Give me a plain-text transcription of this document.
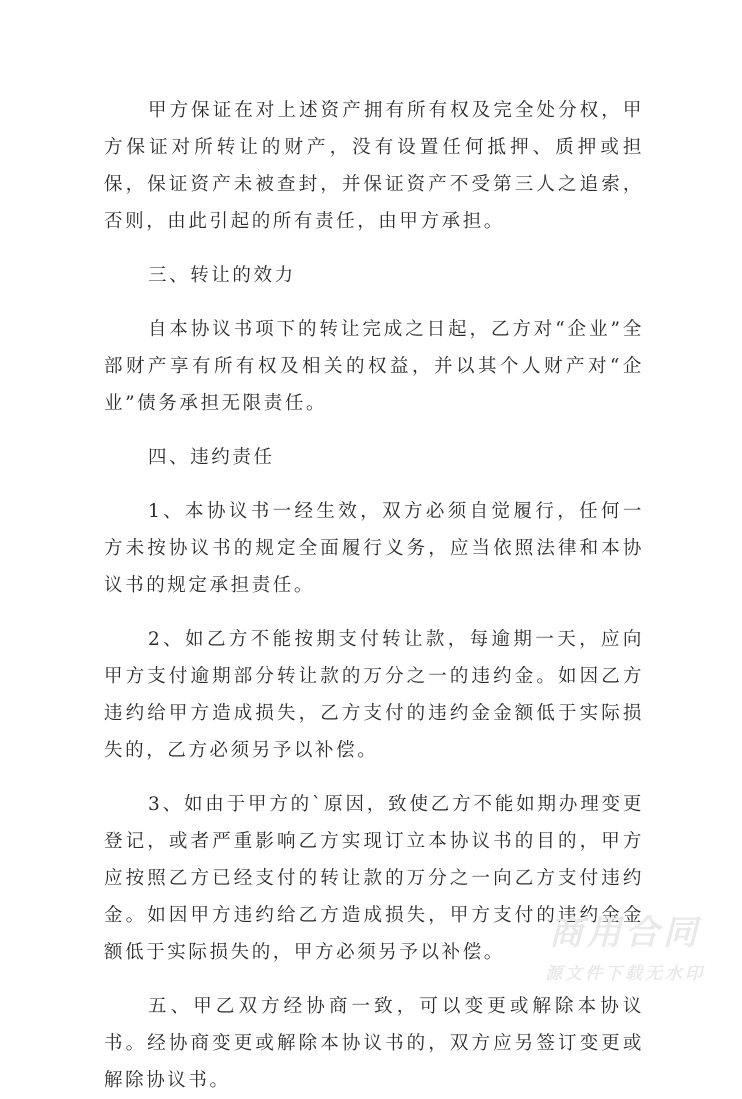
甲方保证在对上述资产拥有所有权及完全处分权，甲方保证对所转让的财产，没有设置任何抵押、质押或担保，保证资产未被查封，并保证资产不受第三人之追索，否则，由此引起的所有责任，由甲方承担。

三、转让的效力

自本协议书项下的转让完成之日起，乙方对“企业”全部财产享有所有权及相关的权益，并以其个人财产对“企业”债务承担无限责任。

四、违约责任

1、本协议书一经生效，双方必须自觉履行，任何一方未按协议书的规定全面履行义务，应当依照法律和本协议书的规定承担责任。

2、如乙方不能按期支付转让款，每逾期一天，应向甲方支付逾期部分转让款的万分之一的违约金。如因乙方违约给甲方造成损失，乙方支付的违约金金额低于实际损失的，乙方必须另予以补偿。

3、如由于甲方的`原因，致使乙方不能如期办理变更登记，或者严重影响乙方实现订立本协议书的目的，甲方应按照乙方已经支付的转让款的万分之一向乙方支付违约金。如因甲方违约给乙方造成损失，甲方支付的违约金金额低于实际损失的，甲方必须另予以补偿。

五、甲乙双方经协商一致，可以变更或解除本协议书。经协商变更或解除本协议书的，双方应另签订变更或解除协议书。

商用合同
源文件下载无水印
